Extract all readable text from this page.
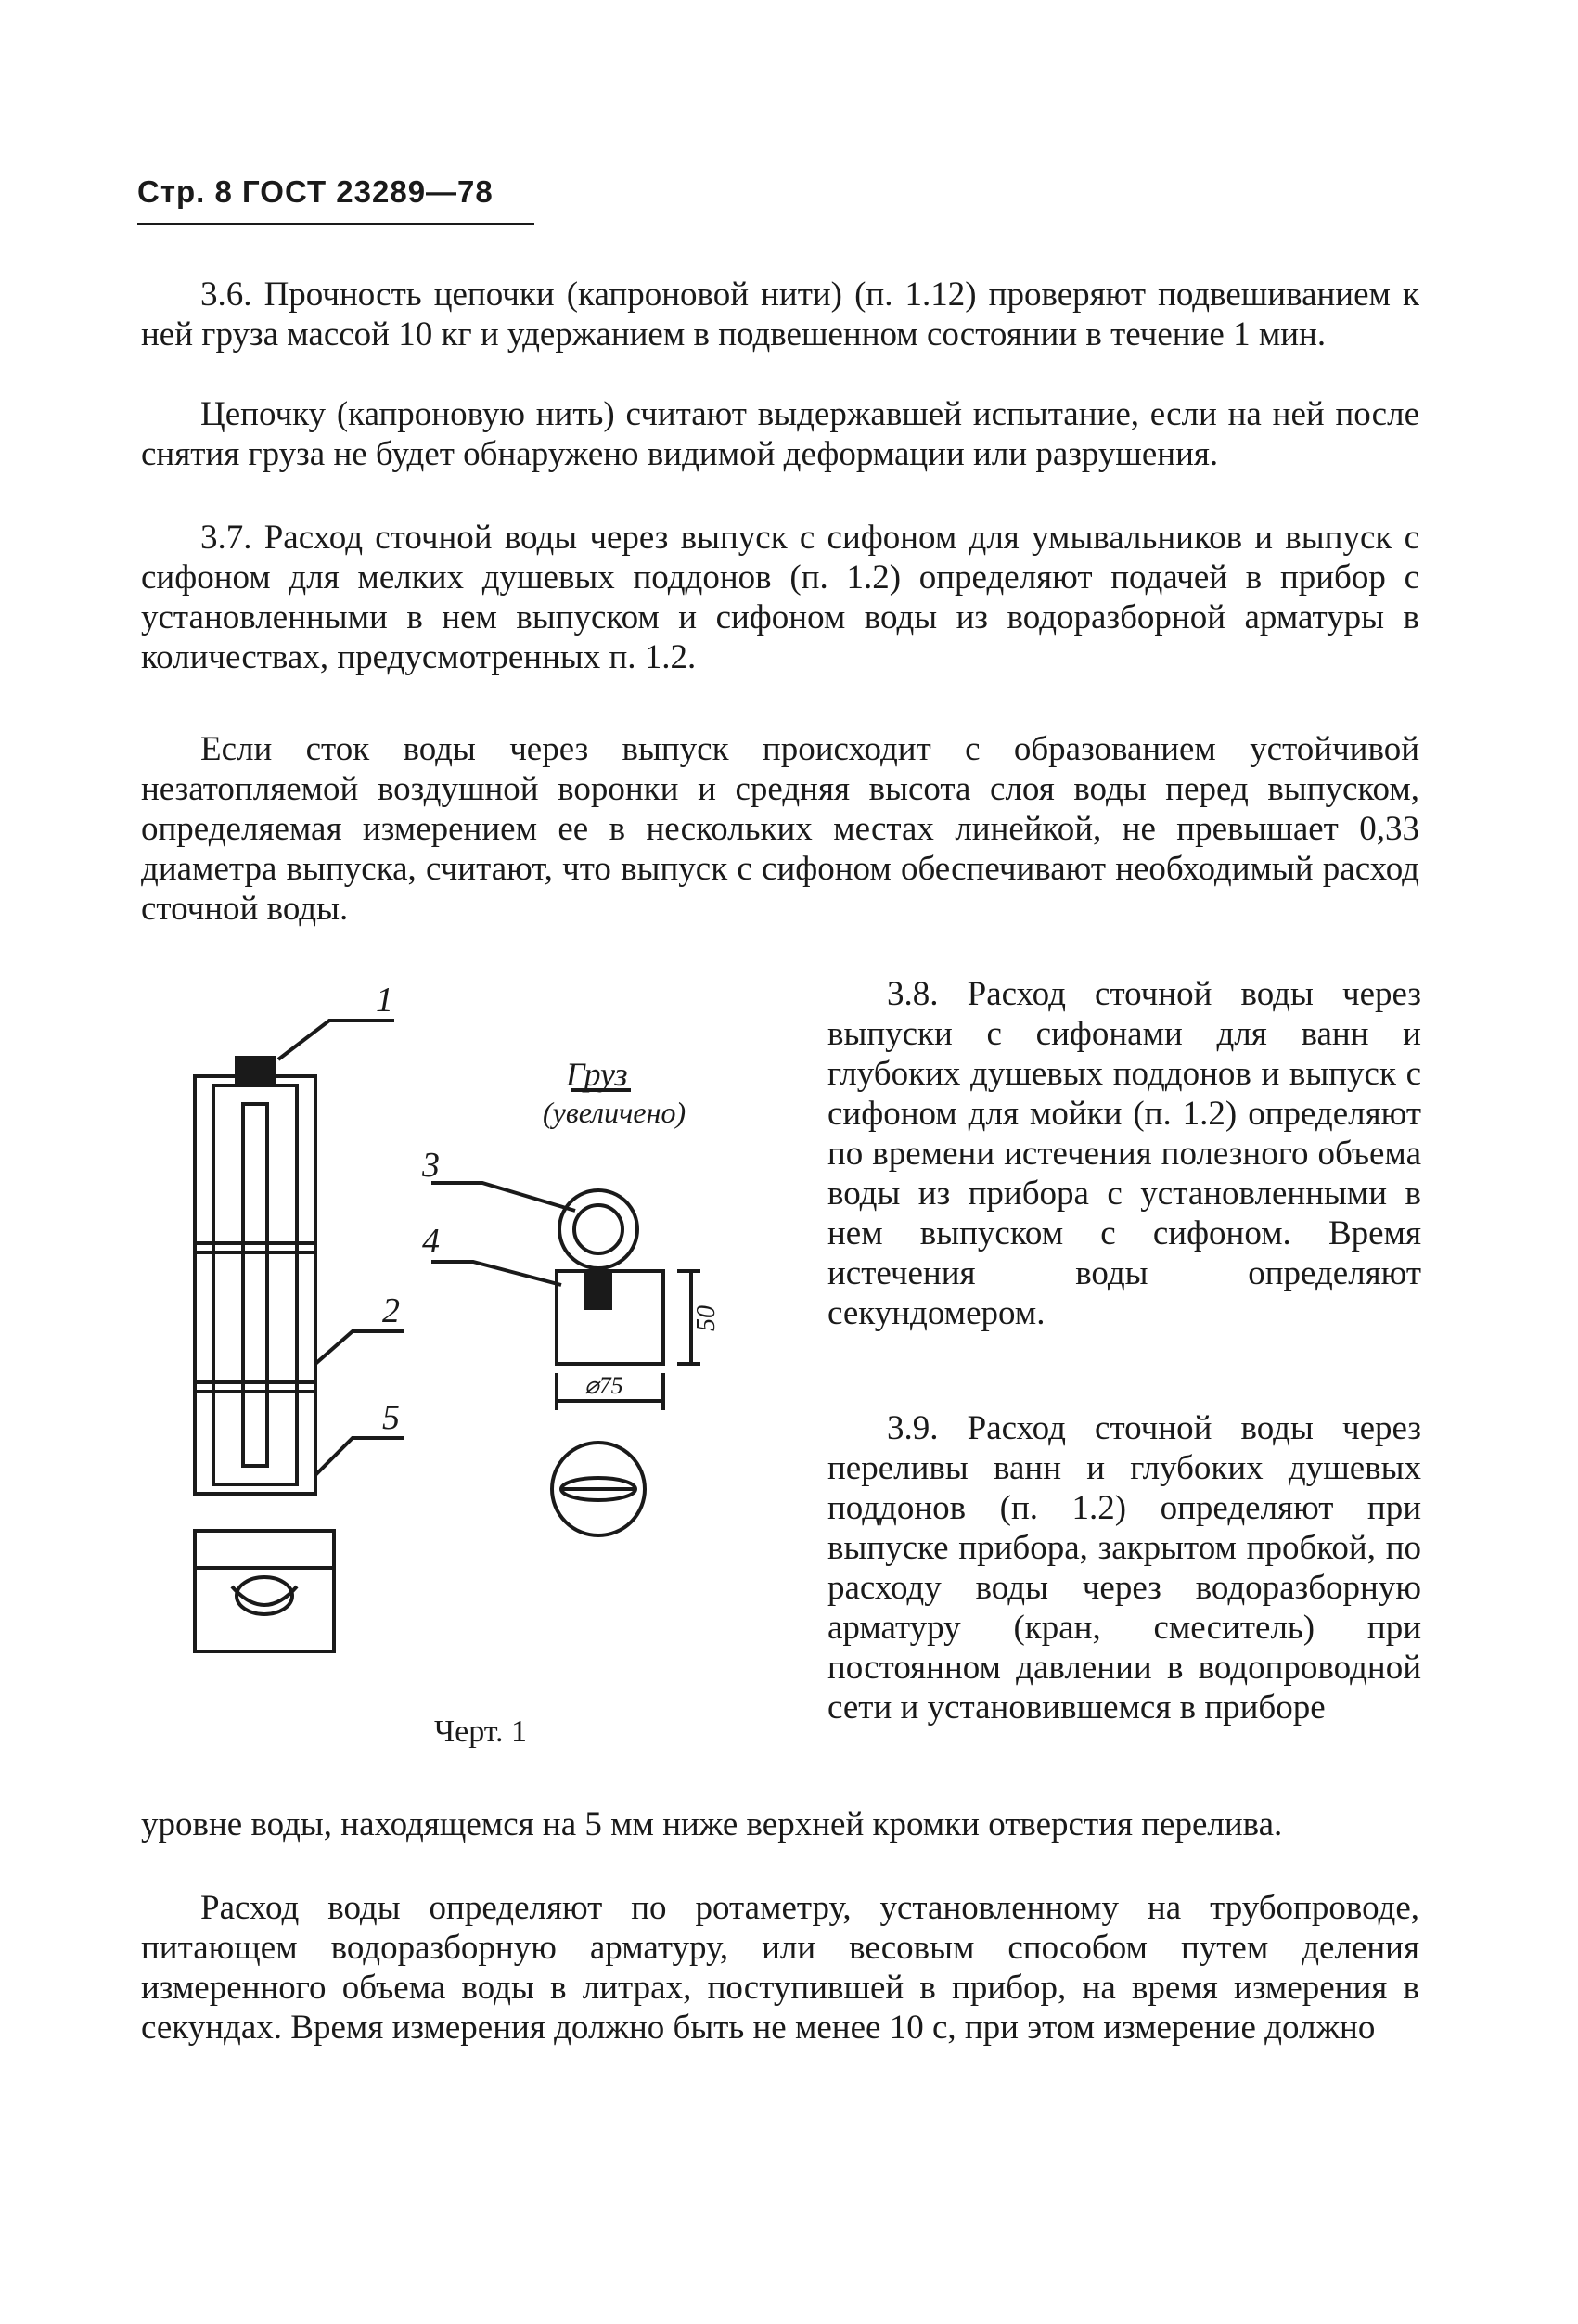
Стр. 8 ГОСТ 23289—78

3.6. Прочность цепочки (капроновой нити) (п. 1.12) проверяют подвешиванием к ней груза массой 10 кг и удержанием в подвешенном состоянии в течение 1 мин.

Цепочку (капроновую нить) считают выдержавшей испытание, если на ней после снятия груза не будет обнаружено видимой деформации или разрушения.

3.7. Расход сточной воды через выпуск с сифоном для умывальников и выпуск с сифоном для мелких душевых поддонов (п. 1.2) определяют подачей в прибор с установленными в нем выпуском и сифоном воды из водоразборной арматуры в количествах, предусмотренных п. 1.2.

Если сток воды через выпуск происходит с образованием устойчивой незатопляемой воздушной воронки и средняя высота слоя воды перед выпуском, определяемая измерением ее в нескольких местах линейкой, не превышает 0,33 диаметра выпуска, считают, что выпуск с сифоном обеспечивают необходимый расход сточной воды.

3.8. Расход сточной воды через выпуски с сифонами для ванн и глубоких душевых поддонов и выпуск с сифоном для мойки (п. 1.2) определяют по времени истечения полезного объема воды из прибора с установленными в нем выпуском с сифоном. Время истечения воды определяют секундомером.

3.9. Расход сточной воды через переливы ванн и глубоких душевых поддонов (п. 1.2) определяют при выпуске прибора, закрытом пробкой, по расходу воды через водоразборную арматуру (кран, смеситель) при постоянном давлении в водопроводной сети и установившемся в приборе

уровне воды, находящемся на 5 мм ниже верхней кромки отверстия перелива.

Расход воды определяют по ротаметру, установленному на трубопроводе, питающем водоразборную арматуру, или весовым способом путем деления измеренного объема воды в литрах, поступившей в прибор, на время измерения в секундах. Время измерения должно быть не менее 10 с, при этом измерение должно

1
2
5
3
4
Груз
(увеличено)
50
⌀75
Черт. 1
